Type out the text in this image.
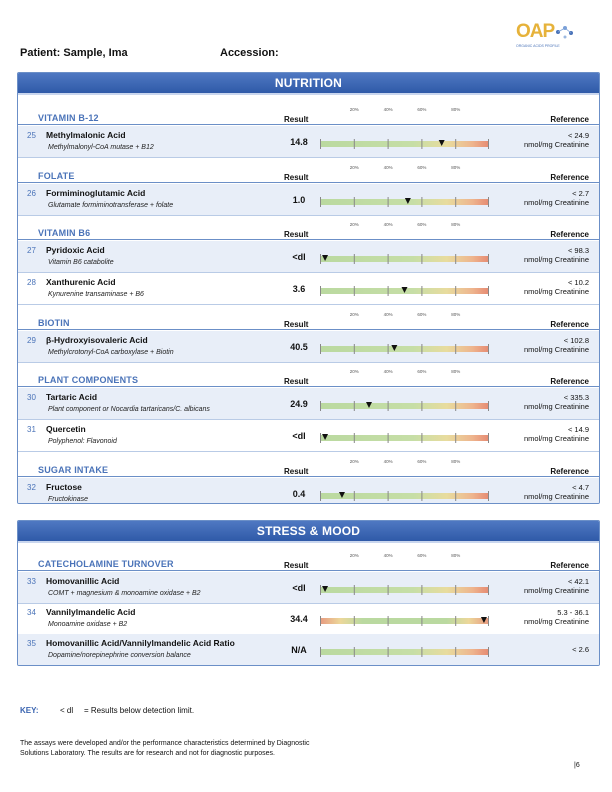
Patient: Sample, Ima	Accession:
OAP
ORGANIC ACIDS PROFILE
NUTRITION
VITAMIN B-12	Result	Reference
20%	40%	60%	80%
25 Methylmalonic Acid
Methylmalonyl-CoA mutase + B12
14.8
< 24.9
nmol/mg Creatinine
FOLATE	Result	Reference
20%	40%	60%	80%
26 Formiminoglutamic Acid
Glutamate formiminotransferase + folate
1.0
< 2.7
nmol/mg Creatinine
VITAMIN B6	Result	Reference
20%	40%	60%	80%
27 Pyridoxic Acid
Vitamin B6 catabolite
<dl
< 98.3
nmol/mg Creatinine
28 Xanthurenic Acid
Kynurenine transaminase + B6
3.6
< 10.2
nmol/mg Creatinine
BIOTIN	Result	Reference
20%	40%	60%	80%
29 β-Hydroxyisovaleric Acid
Methylcrotonyl-CoA carboxylase + Biotin
40.5
< 102.8
nmol/mg Creatinine
PLANT COMPONENTS	Result	Reference
20%	40%	60%	80%
30 Tartaric Acid
Plant component or Nocardia tartaricans/C. albicans
24.9
< 335.3
nmol/mg Creatinine
31 Quercetin
Polyphenol: Flavonoid
<dl
< 14.9
nmol/mg Creatinine
SUGAR INTAKE	Result	Reference
20%	40%	60%	80%
32 Fructose
Fructokinase
0.4
< 4.7
nmol/mg Creatinine
STRESS & MOOD
CATECHOLAMINE TURNOVER	Result	Reference
20%	40%	60%	80%
33 Homovanillic Acid
COMT + magnesium & monoamine oxidase + B2
<dl
< 42.1
nmol/mg Creatinine
34 Vannilylmandelic Acid
Monoamine oxidase + B2
34.4
5.3 - 36.1
nmol/mg Creatinine
35 Homovanillic Acid/Vannilylmandelic Acid Ratio
Dopamine/norepinephrine conversion balance
N/A	< 2.6
KEY:	< dl = Results below detection limit.
The assays were developed and/or the performance characteristics determined by Diagnostic
Solutions Laboratory. The results are for research and not for diagnostic purposes.
|6
